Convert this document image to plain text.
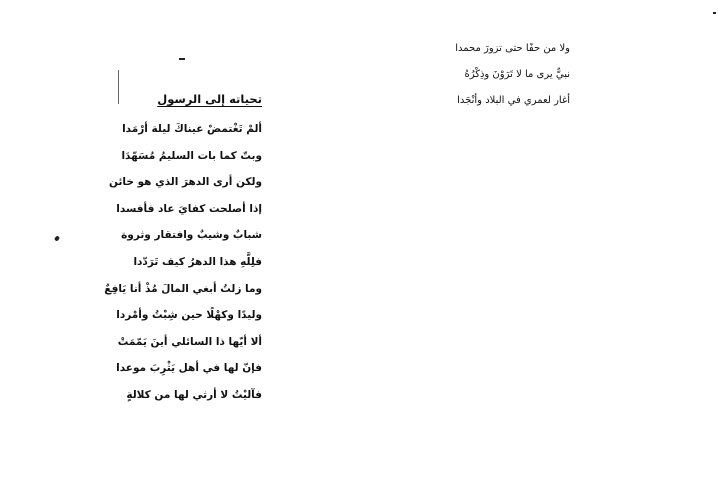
تحياته إلى الرسول
ألمْ تَغْتمضْ عيناكَ ليلة أرْمَدا
وبتّ كما بات السليمُ مُسَهّدَا
ولكن أرى الدهرَ الذي هو خائن
إذا أصلحت كفايَ عاد فأفسدا
شبابٌ وشيبٌ وافتقار وثروة
فلِلَّهِ هذا الدهرُ كيف تَرَدّدا
وما زلتُ أبغي المالَ مُذْ أنا يَافِعٌ
وليدًا وكهْلًا حين شِبْتُ وأمْردا
ألا أيّها ذا السائلي أينَ يَمّمَتْ
فإنّ لها في أهل يَثْرِبَ موعدا
فآليْتُ لا أرثي لها من كلالةٍ
ولا من حفًا حتى تزورَ محمدا
نبيٌّ يرى ما لا تَرَوْنَ وذِكْرُهُ
أغار لعمري في البلاد وأنْجَدا
